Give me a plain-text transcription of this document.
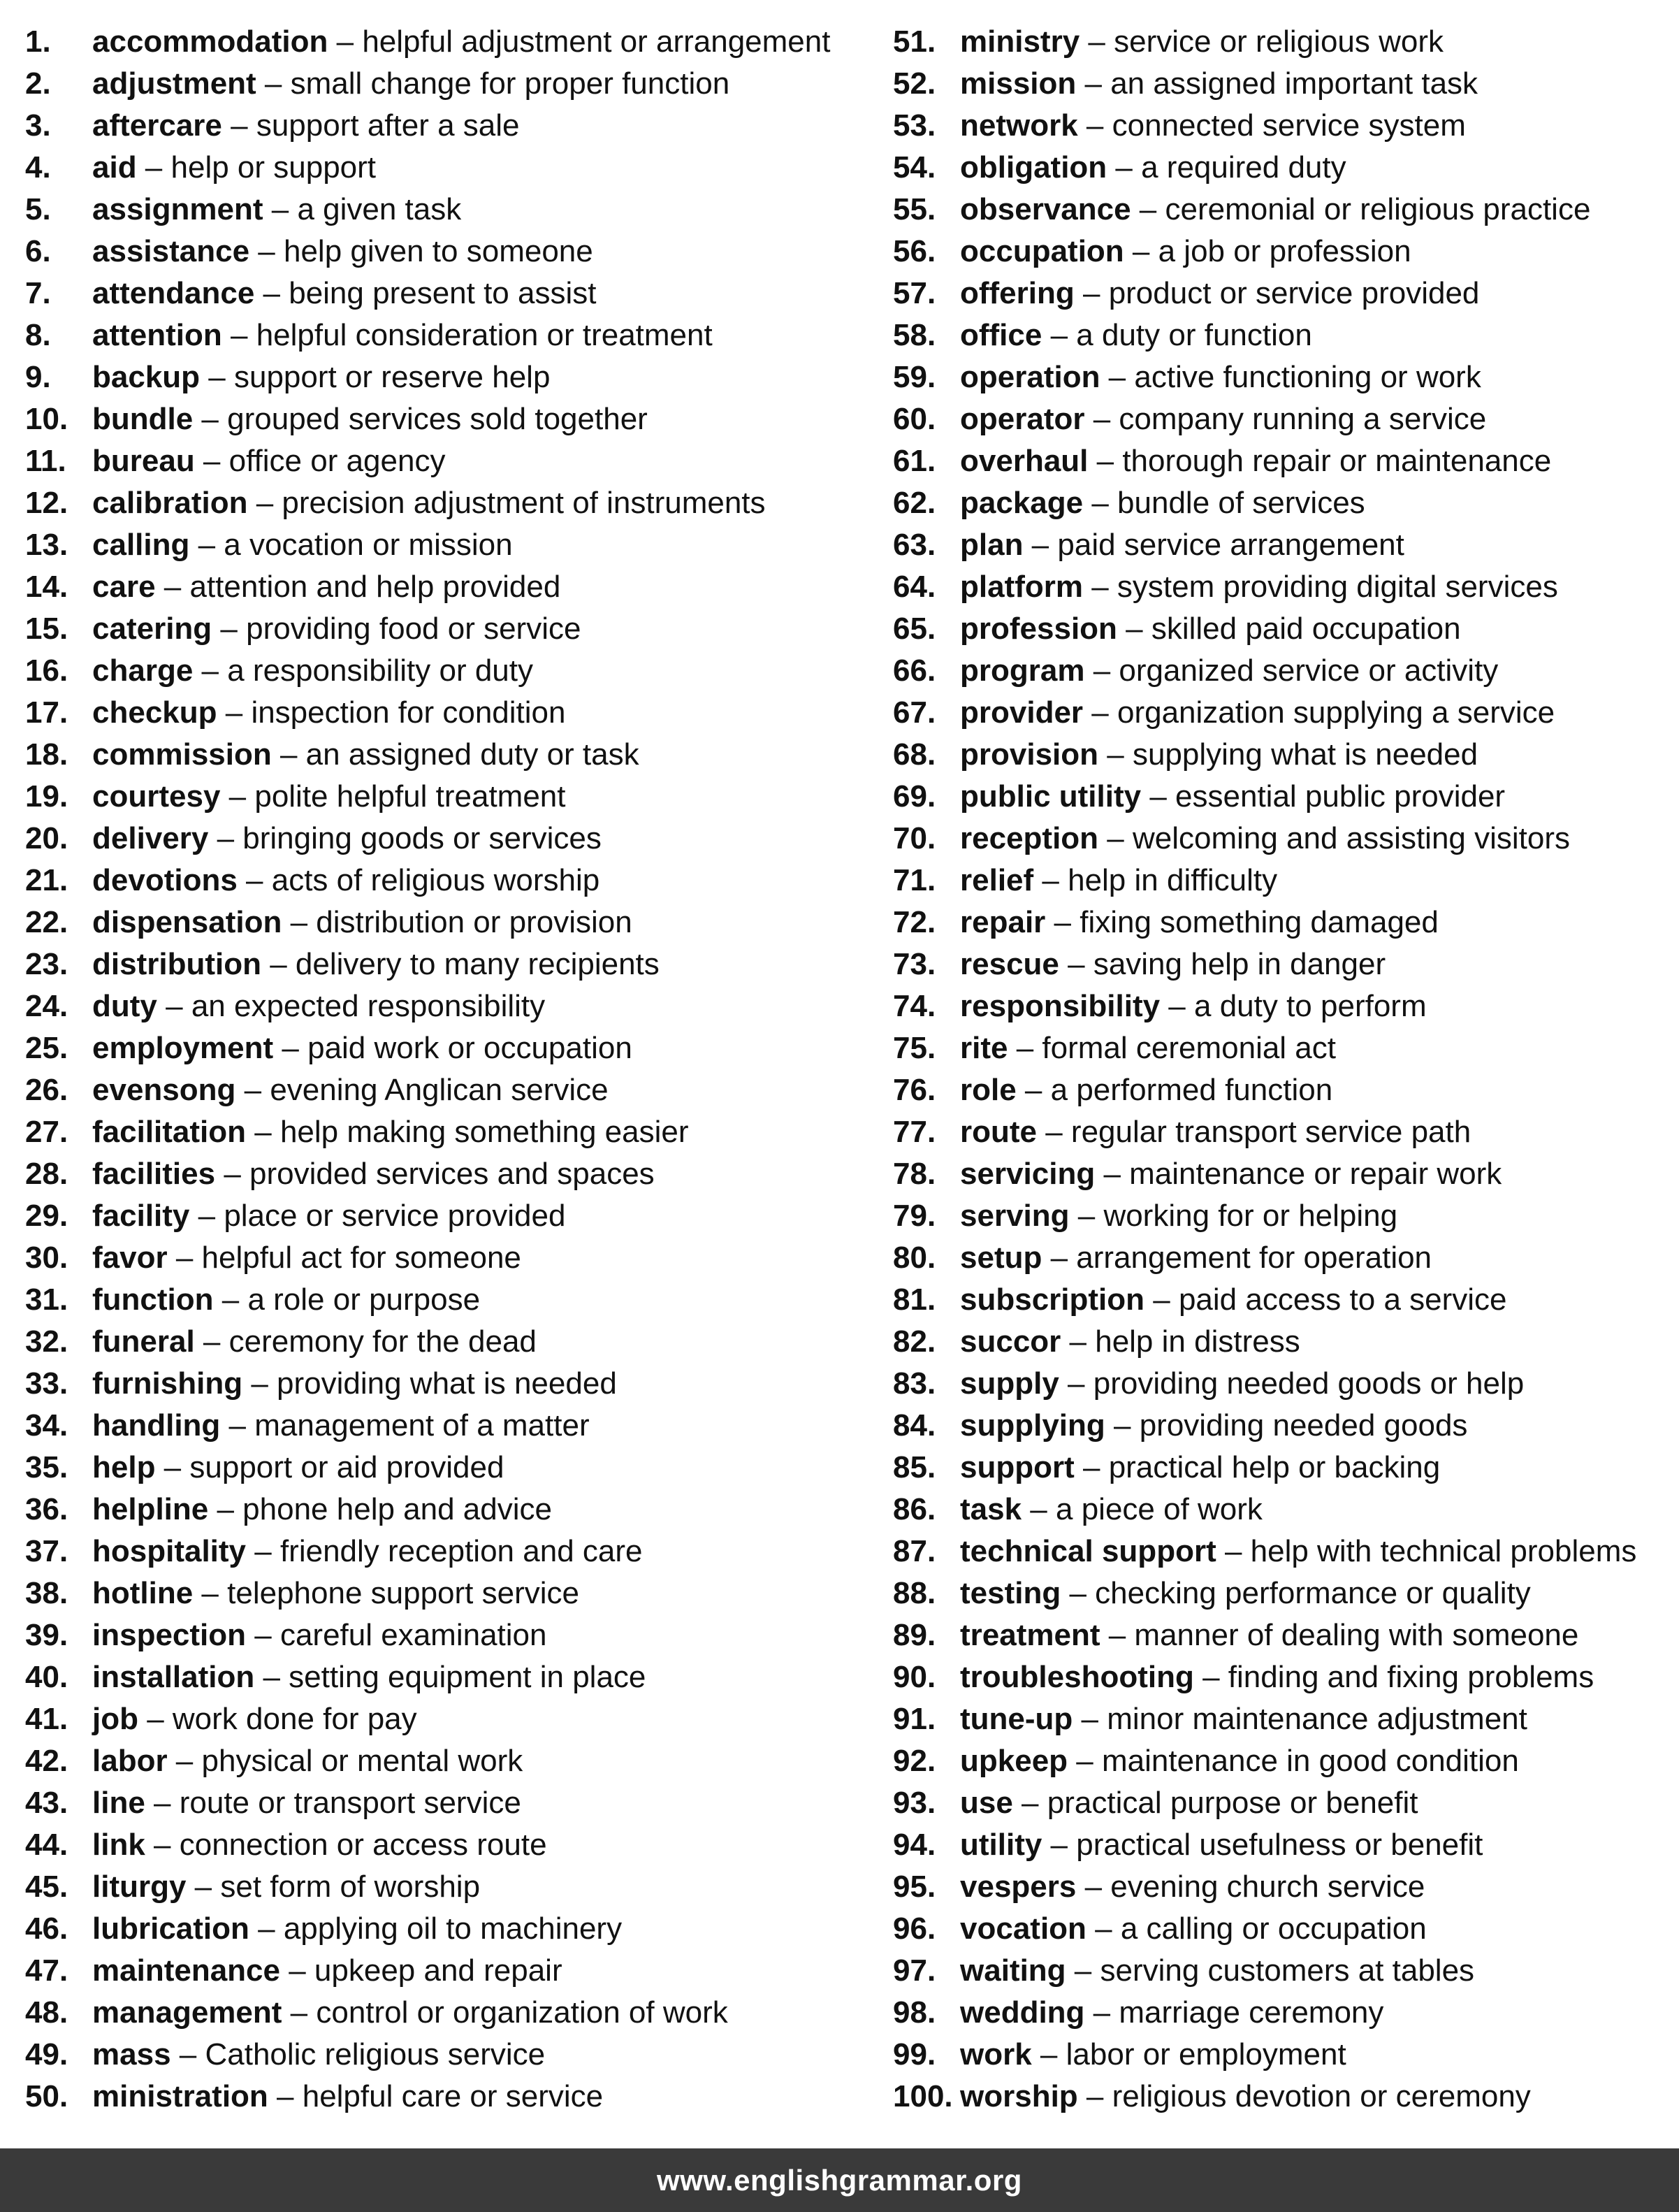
1.	accommodation – helpful adjustment or arrangement
2.	adjustment – small change for proper function
3.	aftercare – support after a sale
4.	aid – help or support
5.	assignment – a given task
6.	assistance – help given to someone
7.	attendance – being present to assist
8.	attention – helpful consideration or treatment
9.	backup – support or reserve help
10. bundle – grouped services sold together
11. bureau – office or agency
12. calibration – precision adjustment of instruments
13. calling – a vocation or mission
14. care – attention and help provided
15. catering – providing food or service
16. charge – a responsibility or duty
17. checkup – inspection for condition
18. commission – an assigned duty or task
19. courtesy – polite helpful treatment
20. delivery – bringing goods or services
21. devotions – acts of religious worship
22. dispensation – distribution or provision
23. distribution – delivery to many recipients
24. duty – an expected responsibility
25. employment – paid work or occupation
26. evensong – evening Anglican service
27. facilitation – help making something easier
28. facilities – provided services and spaces
29. facility – place or service provided
30. favor – helpful act for someone
31. function – a role or purpose
32. funeral – ceremony for the dead
33. furnishing – providing what is needed
34. handling – management of a matter
35. help – support or aid provided
36. helpline – phone help and advice
37. hospitality – friendly reception and care
38. hotline – telephone support service
39. inspection – careful examination
40. installation – setting equipment in place
41. job – work done for pay
42. labor – physical or mental work
43. line – route or transport service
44. link – connection or access route
45. liturgy – set form of worship
46. lubrication – applying oil to machinery
47. maintenance – upkeep and repair
48. management – control or organization of work
49. mass – Catholic religious service
50. ministration – helpful care or service
51. ministry – service or religious work
52. mission – an assigned important task
53. network – connected service system
54. obligation – a required duty
55. observance – ceremonial or religious practice
56. occupation – a job or profession
57. offering – product or service provided
58. office – a duty or function
59. operation – active functioning or work
60. operator – company running a service
61. overhaul – thorough repair or maintenance
62. package – bundle of services
63. plan – paid service arrangement
64. platform – system providing digital services
65. profession – skilled paid occupation
66. program – organized service or activity
67. provider – organization supplying a service
68. provision – supplying what is needed
69. public utility – essential public provider
70. reception – welcoming and assisting visitors
71. relief – help in difficulty
72. repair – fixing something damaged
73. rescue – saving help in danger
74. responsibility – a duty to perform
75. rite – formal ceremonial act
76. role – a performed function
77. route – regular transport service path
78. servicing – maintenance or repair work
79. serving – working for or helping
80. setup – arrangement for operation
81. subscription – paid access to a service
82. succor – help in distress
83. supply – providing needed goods or help
84. supplying – providing needed goods
85. support – practical help or backing
86. task – a piece of work
87. technical support – help with technical problems
88. testing – checking performance or quality
89. treatment – manner of dealing with someone
90. troubleshooting – finding and fixing problems
91. tune-up – minor maintenance adjustment
92. upkeep – maintenance in good condition
93. use – practical purpose or benefit
94. utility – practical usefulness or benefit
95. vespers – evening church service
96. vocation – a calling or occupation
97. waiting – serving customers at tables
98. wedding – marriage ceremony
99. work – labor or employment
100. worship – religious devotion or ceremony
www.englishgrammar.org
